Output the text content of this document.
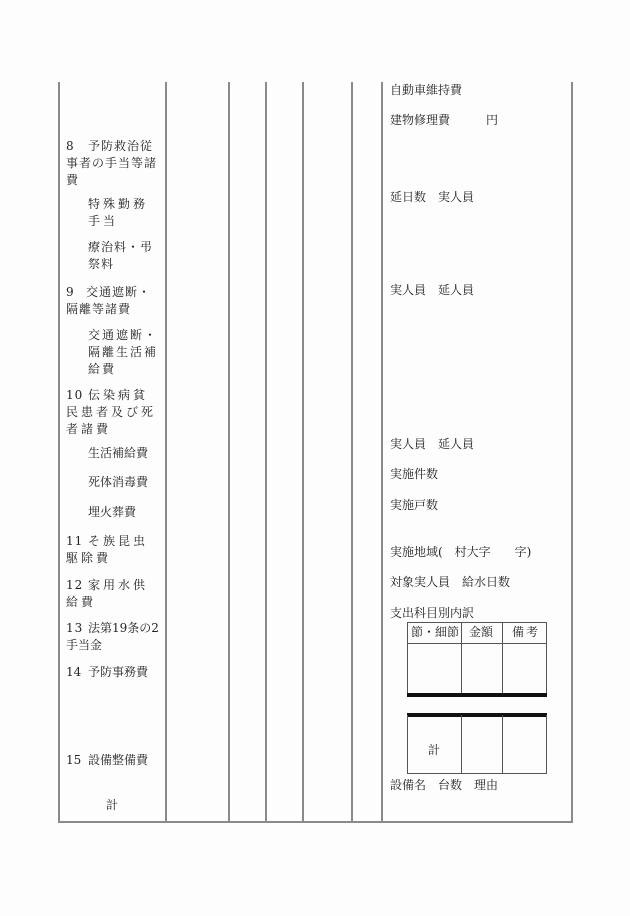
8 予防救治従事者の手当等諸費
特殊勤務手当
療治料・弔祭料
9 交通遮断・隔離等諸費
交通遮断・隔離生活補給費
10 伝染病貧民患者及び死者諸費
生活補給費
死体消毒費
埋火葬費
11 そ族昆虫駆除費
12 家用水供給費
13 法第19条の2手当金
14 予防事務費
15 設備整備費
計
自動車維持費
建物修理費　　　円
延日数　実人員
実人員　延人員
実人員　延人員
実施件数
実施戸数
実施地域(　村大字　　字)
対象実人員　給水日数
支出科目別内訳
節・細節 金額 備考
計
設備名　台数　理由
